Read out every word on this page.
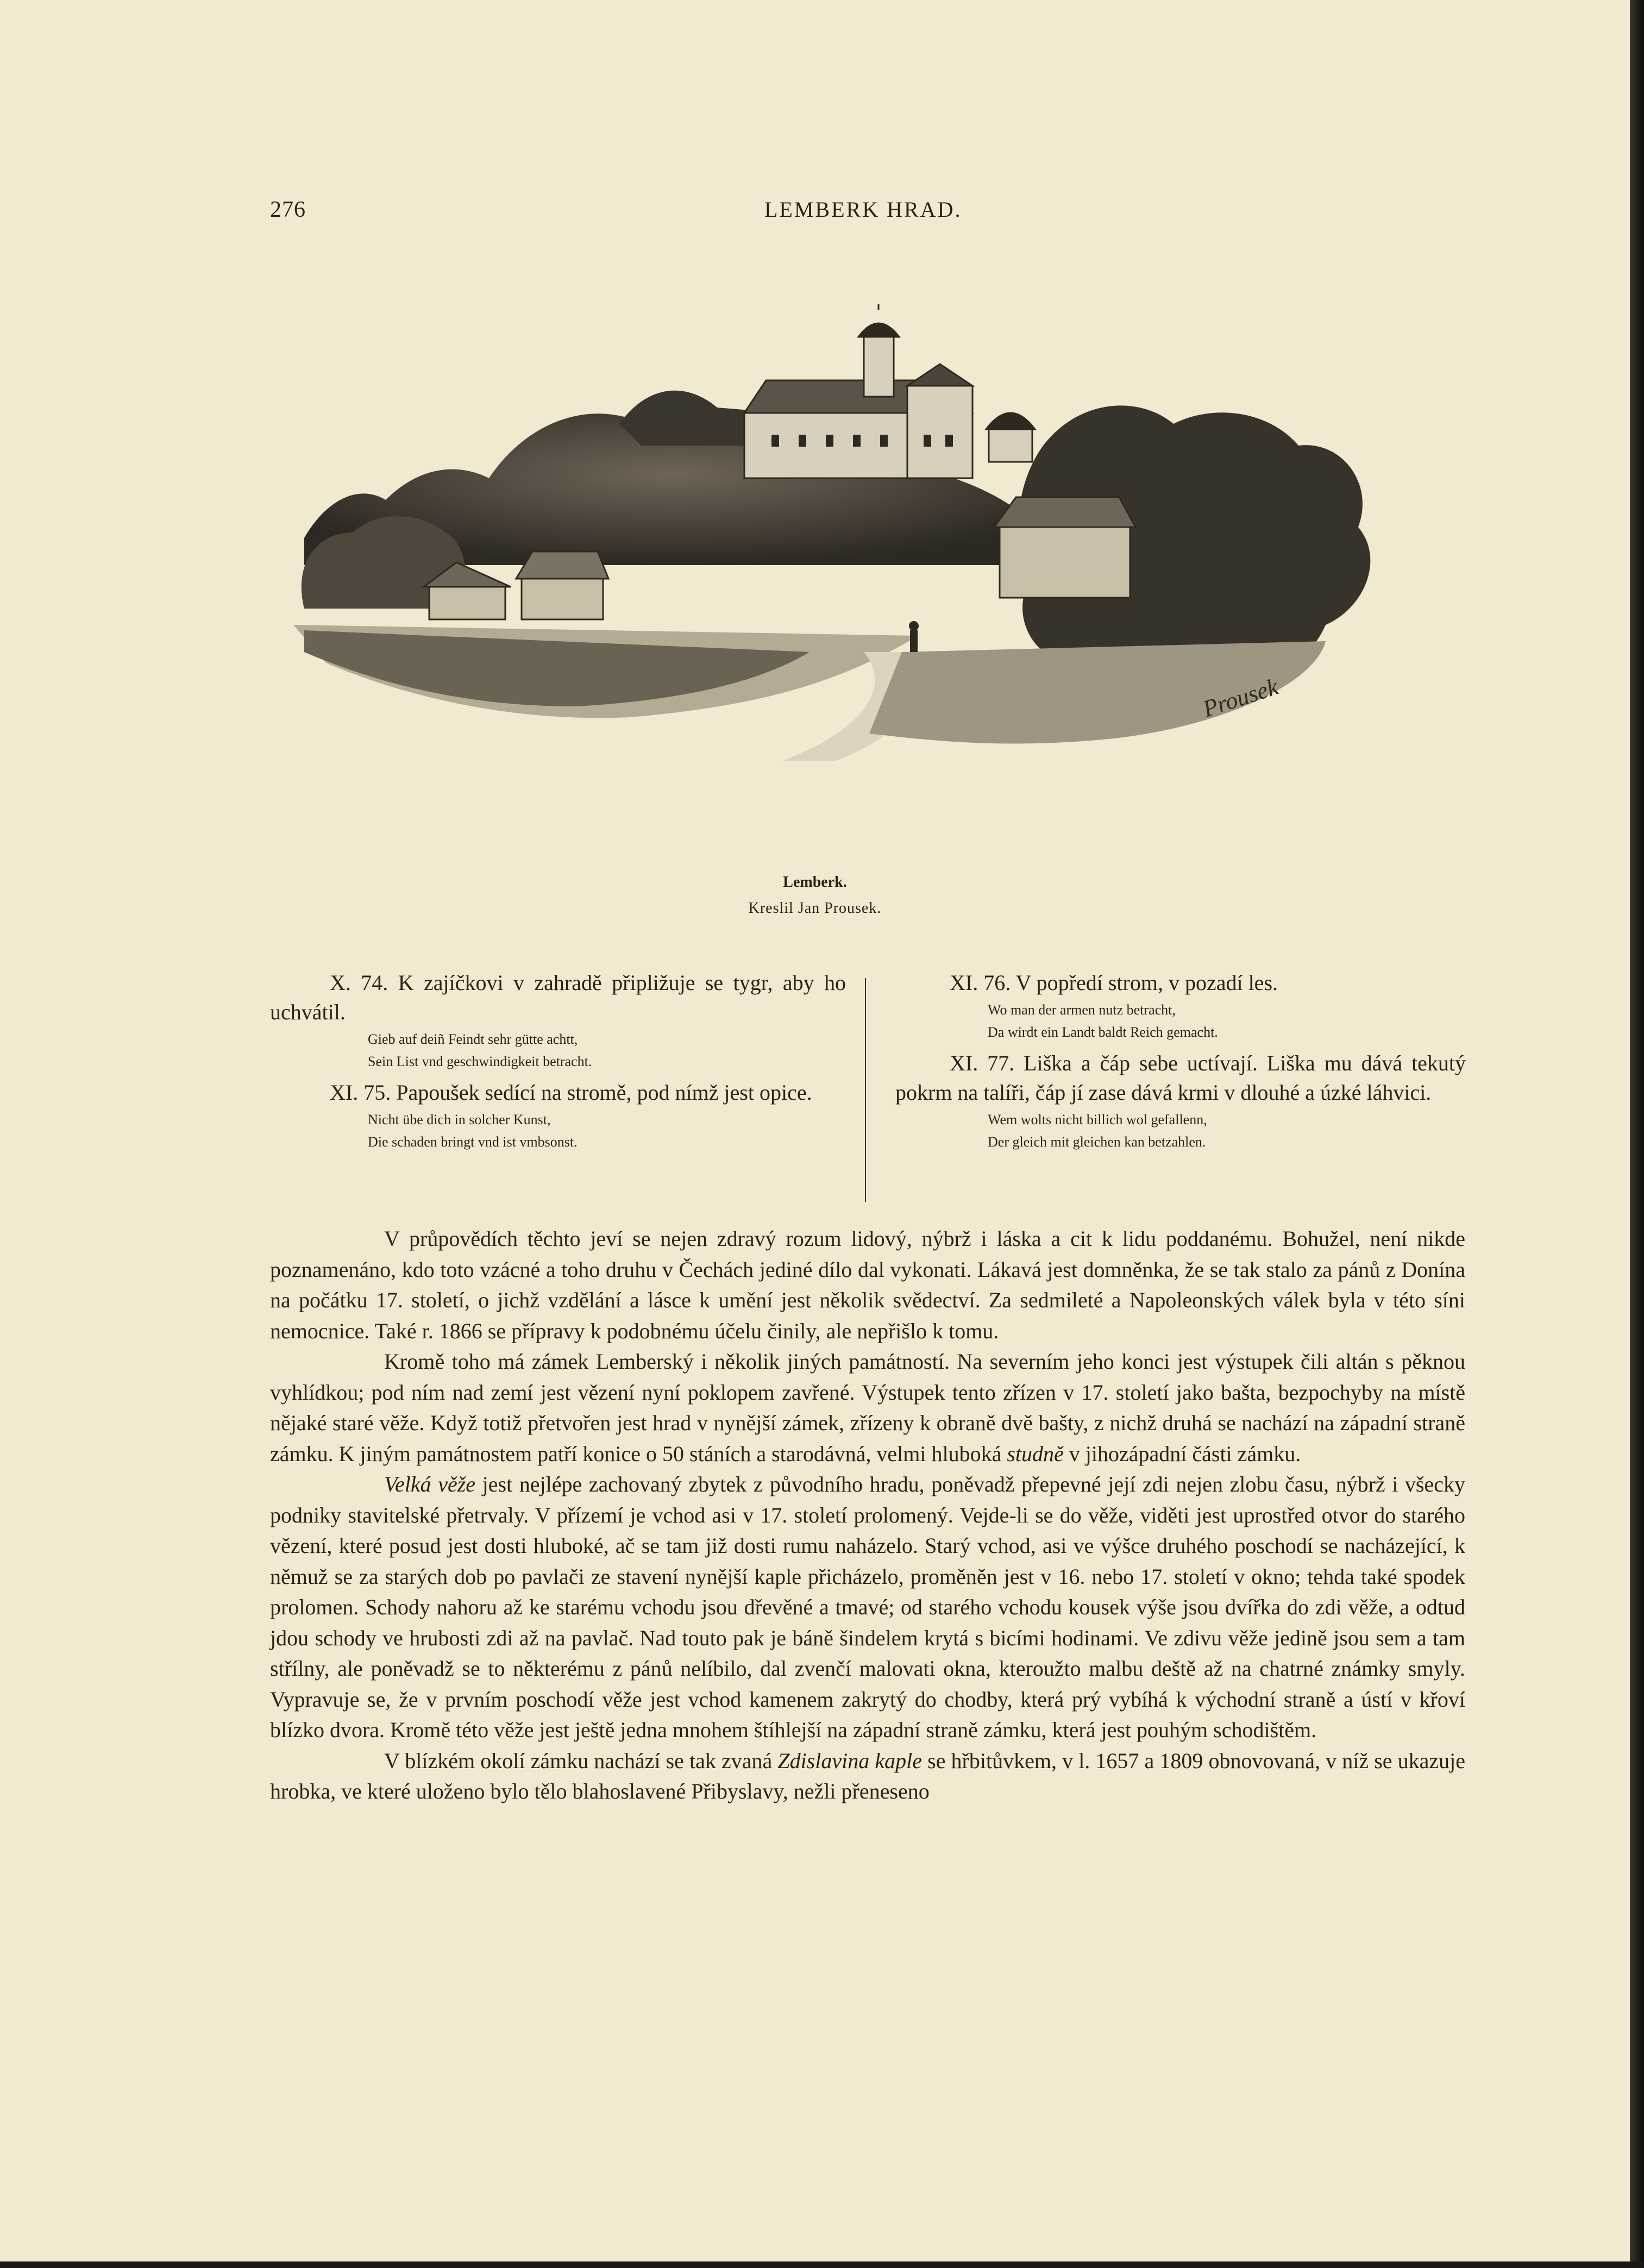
276	LEMBERK HRAD.
Prousek
Lemberk.
Kreslil Jan Prousek.

X. 74. K zajíčkovi v zahradě připližuje se tygr, aby ho uchvátil.

Gieb auf deiñ Feindt sehr gütte achtt,
Sein List vnd geschwindigkeit betracht.

XI. 75. Papoušek sedící na stromě, pod nímž jest opice.

Nicht übe dich in solcher Kunst,
Die schaden bringt vnd ist vmbsonst.

XI. 76. V popředí strom, v pozadí les.

Wo man der armen nutz betracht,
Da wirdt ein Landt baldt Reich gemacht.

XI. 77. Liška a čáp sebe uctívají. Liška mu dává tekutý pokrm na talíři, čáp jí zase dává krmi v dlouhé a úzké láhvici.

Wem wolts nicht billich wol gefallenn,
Der gleich mit gleichen kan betzahlen.

V průpovědích těchto jeví se nejen zdravý rozum lidový, nýbrž i láska a cit k lidu poddanému. Bohužel, není nikde poznamenáno, kdo toto vzácné a toho druhu v Čechách jediné dílo dal vykonati. Lákavá jest domněnka, že se tak stalo za pánů z Donína na počátku 17. století, o jichž vzdělání a lásce k umění jest několik svědectví. Za sedmileté a Napoleonských válek byla v této síni nemocnice. Také r. 1866 se přípravy k podobnému účelu činily, ale nepřišlo k tomu.

Kromě toho má zámek Lemberský i několik jiných památností. Na severním jeho konci jest výstupek čili altán s pěknou vyhlídkou; pod ním nad zemí jest vězení nyní poklopem zavřené. Výstupek tento zřízen v 17. století jako bašta, bezpochyby na místě nějaké staré věže. Když totiž přetvořen jest hrad v nynější zámek, zřízeny k obraně dvě bašty, z nichž druhá se nachází na západní straně zámku. K jiným památnostem patří konice o 50 stáních a starodávná, velmi hluboká studně v jihozápadní části zámku.

Velká věže jest nejlépe zachovaný zbytek z původního hradu, poněvadž přepevné její zdi nejen zlobu času, nýbrž i všecky podniky stavitelské přetrvaly. V přízemí je vchod asi v 17. století prolomený. Vejde-li se do věže, viděti jest uprostřed otvor do starého vězení, které posud jest dosti hluboké, ač se tam již dosti rumu naházelo. Starý vchod, asi ve výšce druhého poschodí se nacházející, k němuž se za starých dob po pavlači ze stavení nynější kaple přicházelo, proměněn jest v 16. nebo 17. století v okno; tehda také spodek prolomen. Schody nahoru až ke starému vchodu jsou dřevěné a tmavé; od starého vchodu kousek výše jsou dvířka do zdi věže, a odtud jdou schody ve hrubosti zdi až na pavlač. Nad touto pak je báně šindelem krytá s bicími hodinami. Ve zdivu věže jedině jsou sem a tam střílny, ale poněvadž se to některému z pánů nelíbilo, dal zvenčí malovati okna, kteroužto malbu deště až na chatrné známky smyly. Vypravuje se, že v prvním poschodí věže jest vchod kamenem zakrytý do chodby, která prý vybíhá k východní straně a ústí v křoví blízko dvora. Kromě této věže jest ještě jedna mnohem štíhlejší na západní straně zámku, která jest pouhým schodištěm.

V blízkém okolí zámku nachází se tak zvaná Zdislavina kaple se hřbitůvkem, v l. 1657 a 1809 obnovovaná, v níž se ukazuje hrobka, ve které uloženo bylo tělo blahoslavené Přibyslavy, nežli přeneseno
